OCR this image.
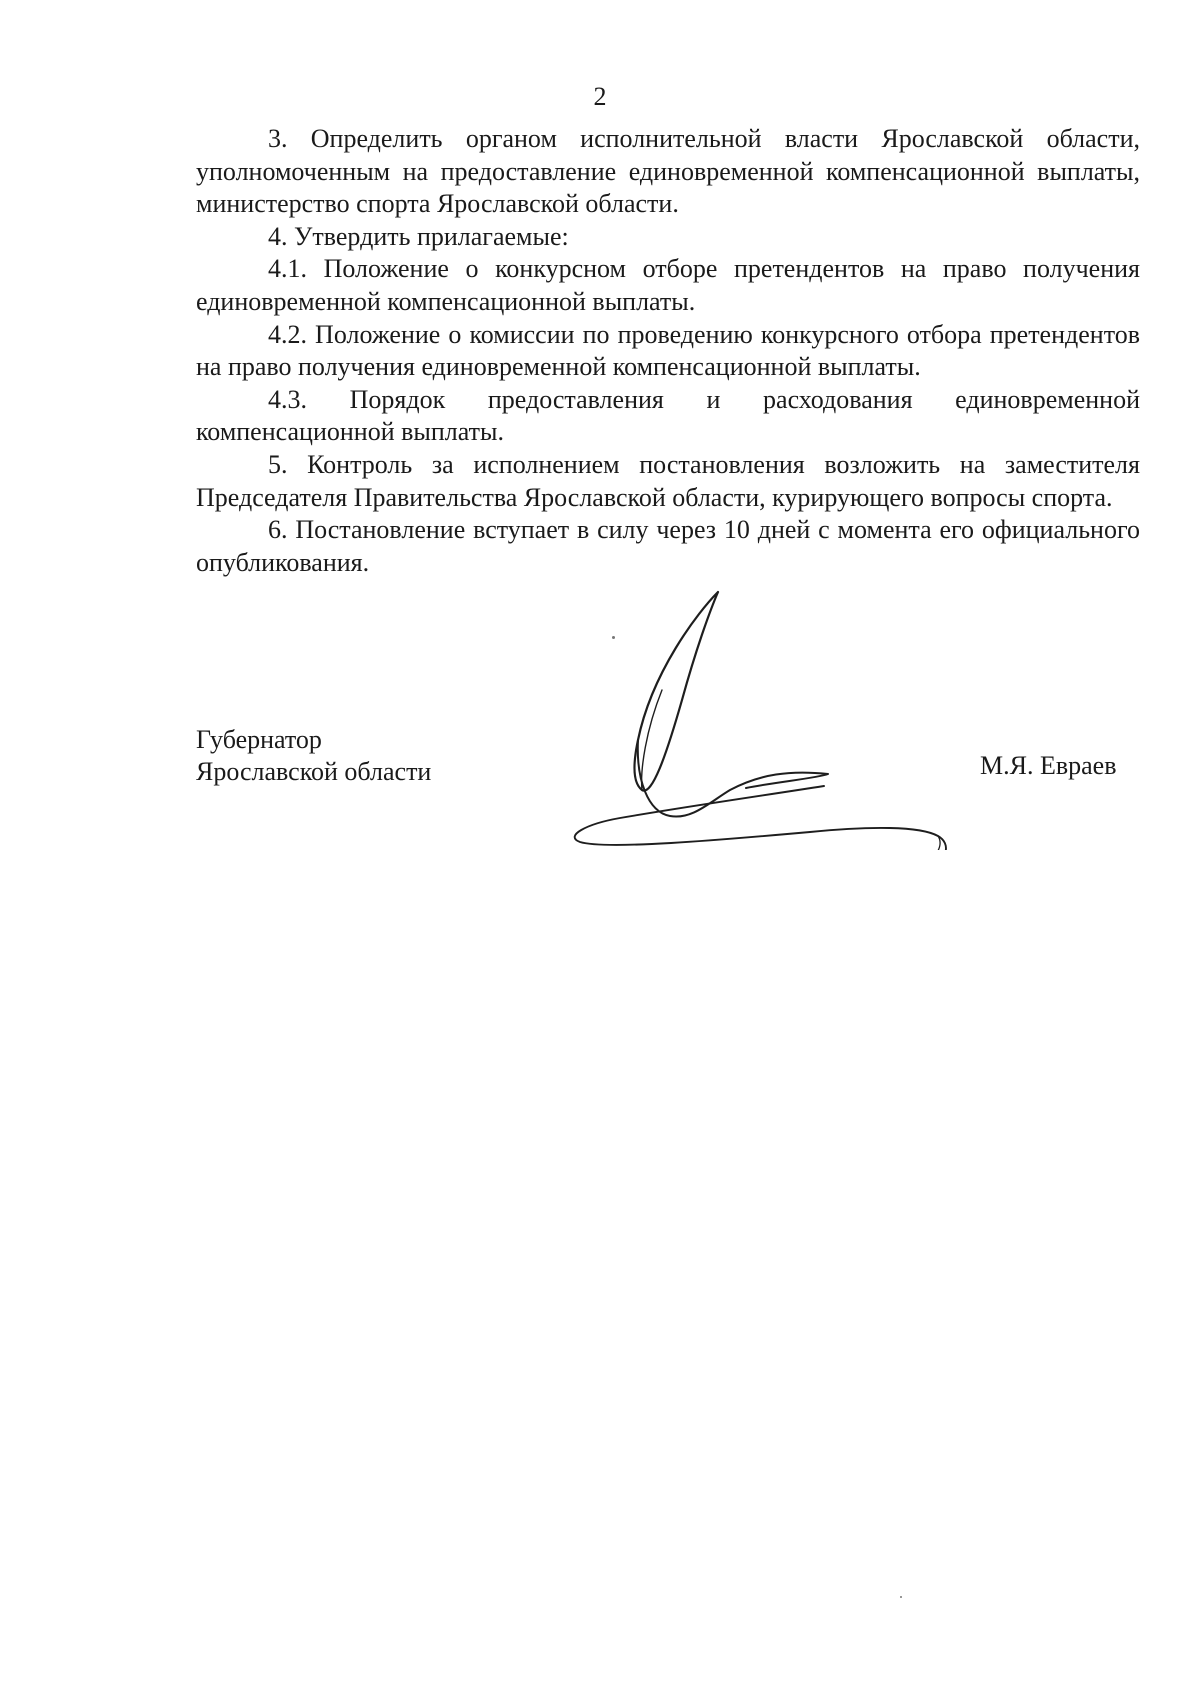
2

3. Определить органом исполнительной власти Ярославской области, уполномоченным на предоставление единовременной компенсационной выплаты, министерство спорта Ярославской области.

4. Утвердить прилагаемые:

4.1. Положение о конкурсном отборе претендентов на право получения единовременной компенсационной выплаты.

4.2. Положение о комиссии по проведению конкурсного отбора претендентов на право получения единовременной компенсационной выплаты.

4.3. Порядок предоставления и расходования единовременной компенсационной выплаты.

5. Контроль за исполнением постановления возложить на заместителя Председателя Правительства Ярославской области, курирующего вопросы спорта.

6. Постановление вступает в силу через 10 дней с момента его официального опубликования.

Губернатор
Ярославской области	М.Я. Евраев
